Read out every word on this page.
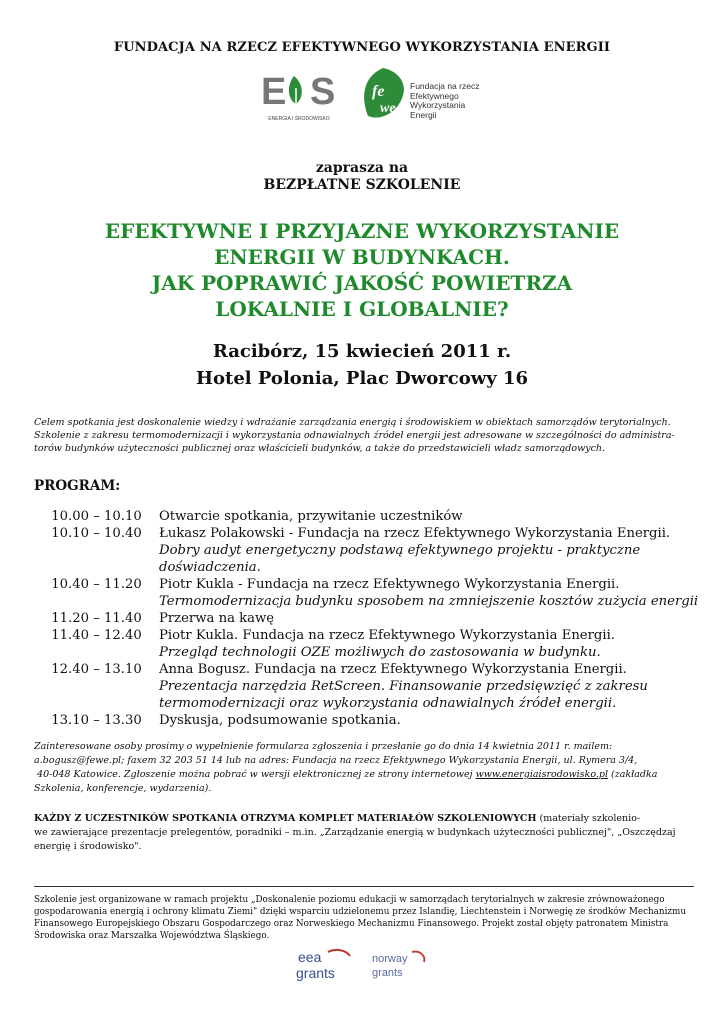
FUNDACJA NA RZECZ EFEKTYWNEGO WYKORZYSTANIA ENERGII
E S
ENERGIA I ŚRODOWISKO
fe
we
Fundacja na rzecz
Efektywnego
Wykorzystania
Energii
zaprasza na
BEZPŁATNE SZKOLENIE
EFEKTYWNE I PRZYJAZNE WYKORZYSTANIE
ENERGII W BUDYNKACH.
JAK POPRAWIĆ JAKOŚĆ POWIETRZA
LOKALNIE I GLOBALNIE?
Racibórz, 15 kwiecień 2011 r.
Hotel Polonia, Plac Dworcowy 16
Celem spotkania jest doskonalenie wiedzy i wdrażanie zarządzania energią i środowiskiem w obiektach samorządów terytorialnych.
Szkolenie z zakresu termomodernizacji i wykorzystania odnawialnych źródeł energii jest adresowane w szczególności do administra-
torów budynków użyteczności publicznej oraz właścicieli budynków, a także do przedstawicieli władz samorządowych.
PROGRAM:
10.00 – 10.10	Otwarcie spotkania, przywitanie uczestników
10.10 – 10.40	Łukasz Polakowski - Fundacja na rzecz Efektywnego Wykorzystania Energii.
Dobry audyt energetyczny podstawą efektywnego projektu - praktyczne
doświadczenia.
10.40 – 11.20	Piotr Kukla - Fundacja na rzecz Efektywnego Wykorzystania Energii.
Termomodernizacja budynku sposobem na zmniejszenie kosztów zużycia energii
11.20 – 11.40	Przerwa na kawę
11.40 – 12.40	Piotr Kukla. Fundacja na rzecz Efektywnego Wykorzystania Energii.
Przegląd technologii OZE możliwych do zastosowania w budynku.
12.40 – 13.10	Anna Bogusz. Fundacja na rzecz Efektywnego Wykorzystania Energii.
Prezentacja narzędzia RetScreen. Finansowanie przedsięwzięć z zakresu
termomodernizacji oraz wykorzystania odnawialnych źródeł energii.
13.10 – 13.30	Dyskusja, podsumowanie spotkania.
Zainteresowane osoby prosimy o wypełnienie formularza zgłoszenia i przesłanie go do dnia 14 kwietnia 2011 r. mailem:
a.bogusz@fewe.pl; faxem 32 203 51 14 lub na adres: Fundacja na rzecz Efektywnego Wykorzystania Energii, ul. Rymera 3/4,
40-048 Katowice. Zgłoszenie można pobrać w wersji elektronicznej ze strony internetowej www.energiaisrodowisko.pl (zakładka
Szkolenia, konferencje, wydarzenia).
KAŻDY Z UCZESTNIKÓW SPOTKANIA OTRZYMA KOMPLET MATERIAŁÓW SZKOLENIOWYCH (materiały szkolenio-
we zawierające prezentacje prelegentów, poradniki – m.in. „Zarządzanie energią w budynkach użyteczności publicznej", „Oszczędzaj
energię i środowisko".
Szkolenie jest organizowane w ramach projektu „Doskonalenie poziomu edukacji w samorządach terytorialnych w zakresie zrównoważonego
gospodarowania energią i ochrony klimatu Ziemi" dzięki wsparciu udzielonemu przez Islandię, Liechtenstein i Norwegię ze środków Mechanizmu
Finansowego Europejskiego Obszaru Gospodarczego oraz Norweskiego Mechanizmu Finansowego. Projekt został objęty patronatem Ministra
Środowiska oraz Marszałka Województwa Śląskiego.
eea
grants
norway
grants
